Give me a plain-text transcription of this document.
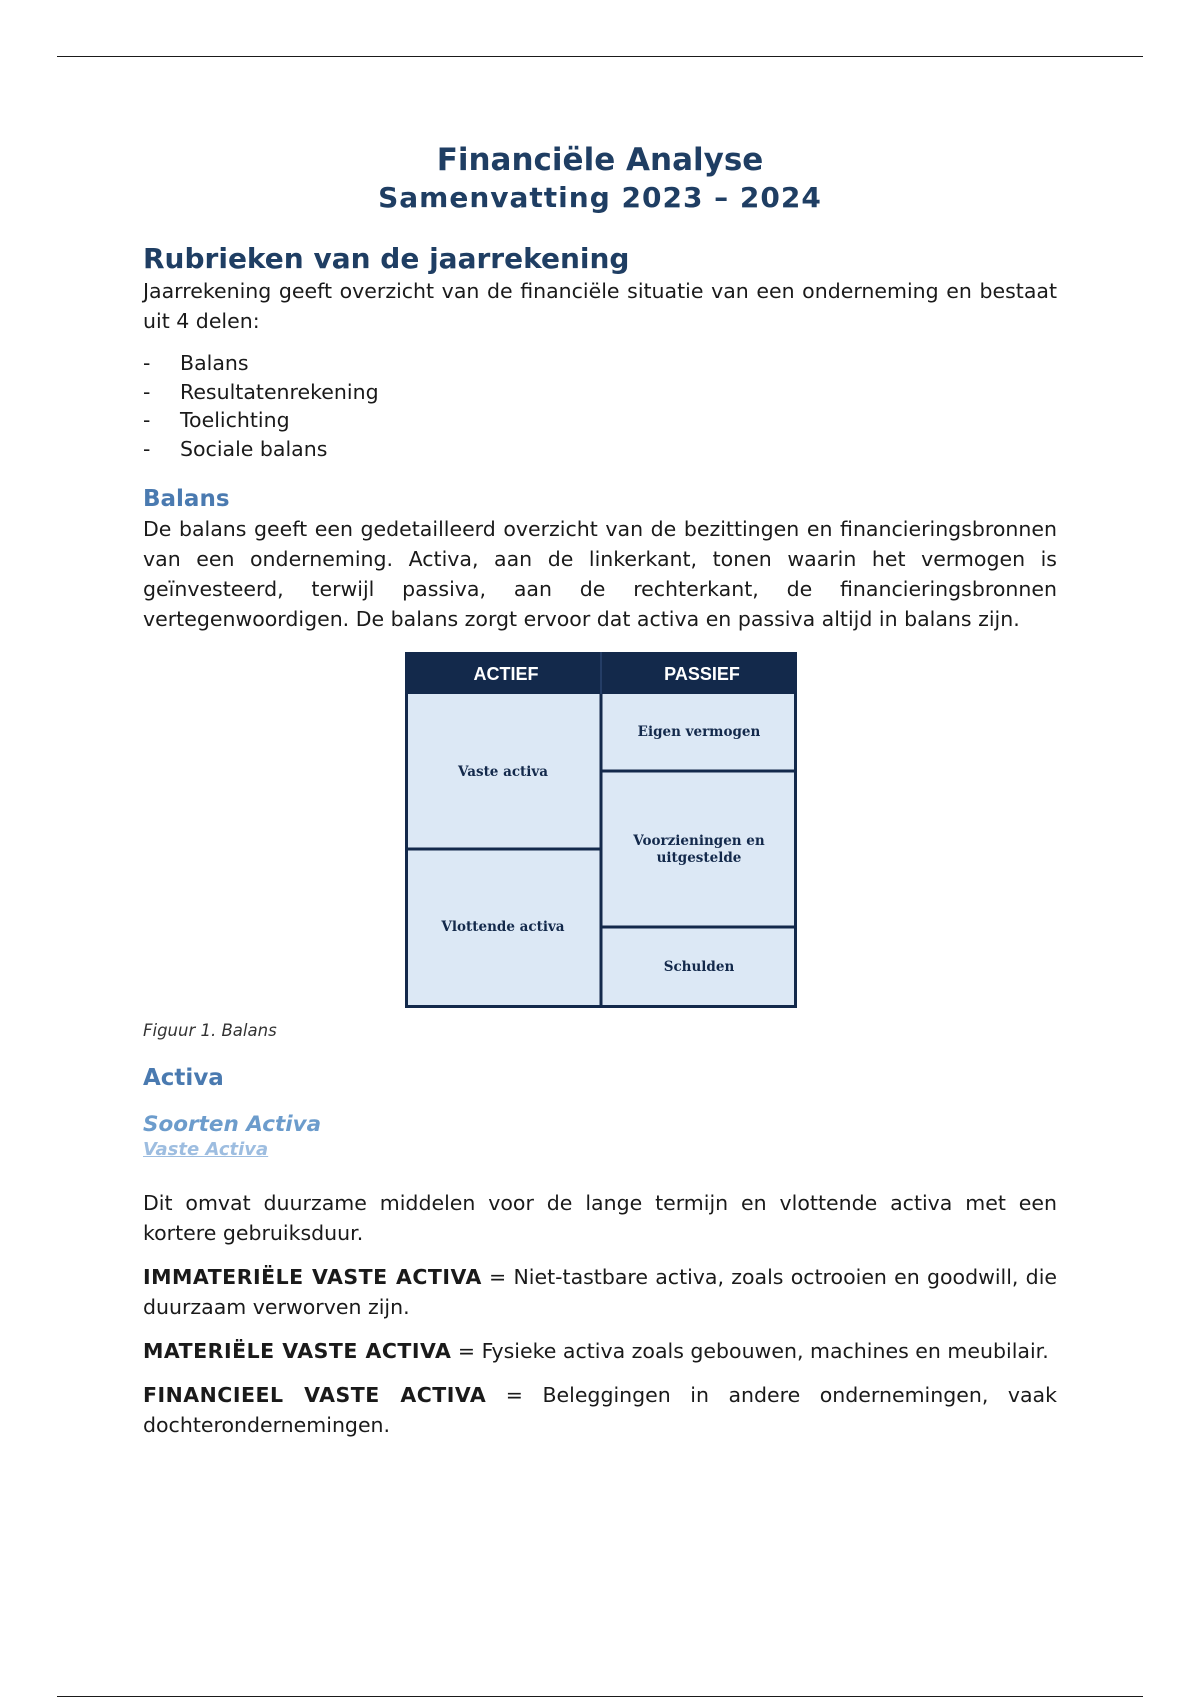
Financiële Analyse
Samenvatting 2023 – 2024
Rubrieken van de jaarrekening

Jaarrekening geeft overzicht van de financiële situatie van een onderneming en bestaat uit 4 delen:

- Balans
- Resultatenrekening
- Toelichting
- Sociale balans
Balans

De balans geeft een gedetailleerd overzicht van de bezittingen en financieringsbronnen van een onderneming. Activa, aan de linkerkant, tonen waarin het vermogen is geïnvesteerd, terwijl passiva, aan de rechterkant, de financieringsbronnen vertegenwoordigen. De balans zorgt ervoor dat activa en passiva altijd in balans zijn.

ACTIEF	PASSIEF
Vaste activa
Vlottende activa
Eigen vermogen
Voorzieningen en
uitgestelde
Schulden
Figuur 1. Balans
Activa
Soorten Activa
Vaste Activa

Dit omvat duurzame middelen voor de lange termijn en vlottende activa met een kortere gebruiksduur.

IMMATERIËLE VASTE ACTIVA = Niet-tastbare activa, zoals octrooien en goodwill, die duurzaam verworven zijn.

MATERIËLE VASTE ACTIVA = Fysieke activa zoals gebouwen, machines en meubilair.

FINANCIEEL VASTE ACTIVA = Beleggingen in andere ondernemingen, vaak dochterondernemingen.
